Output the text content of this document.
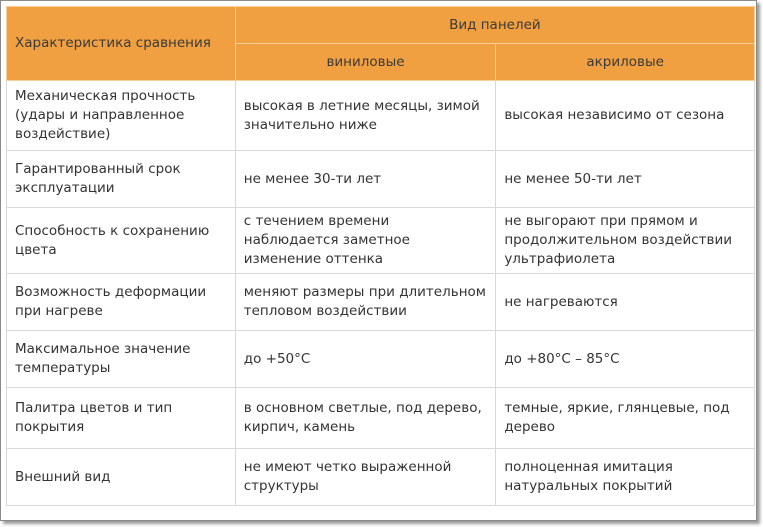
Характеристика сравнения	Вид панелей	
	виниловые	акриловые
Механическая прочность (удары и направленное воздействие)	высокая в летние месяцы, зимой значительно ниже	высокая независимо от сезона
Гарантированный срок эксплуатации	не менее 30-ти лет	не менее 50-ти лет
Способность к сохранению цвета	с течением времени наблюдается заметное изменение оттенка	не выгорают при прямом и продолжительном воздействии ультрафиолета
Возможность деформации при нагреве	меняют размеры при длительном тепловом воздействии	не нагреваются
Максимальное значение температуры	до +50°С	до +80°С – 85°С
Палитра цветов и тип покрытия	в основном светлые, под дерево, кирпич, камень	темные, яркие, глянцевые, под дерево
Внешний вид	не имеют четко выраженной структуры	полноценная имитация натуральных покрытий
